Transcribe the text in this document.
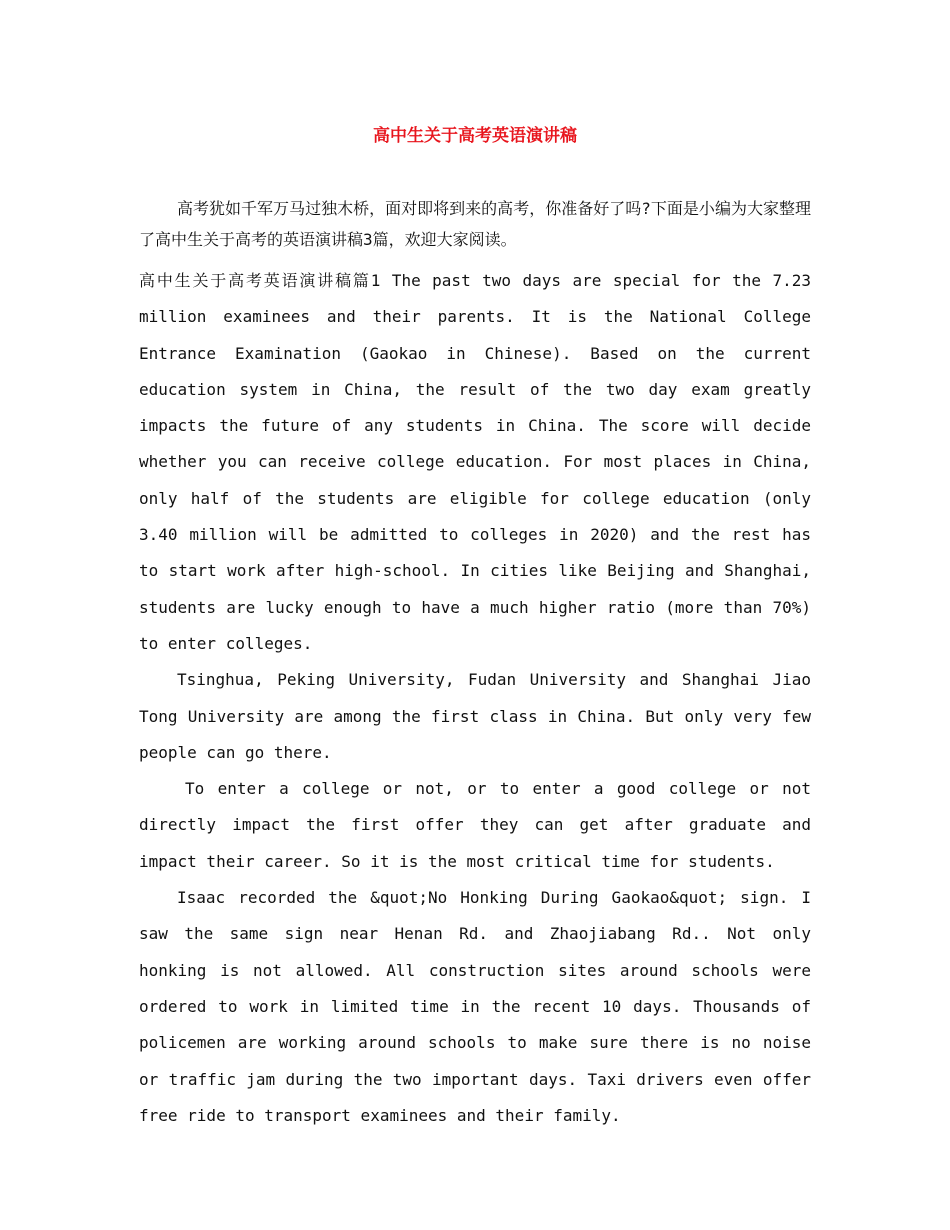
高中生关于高考英语演讲稿

高考犹如千军万马过独木桥，面对即将到来的高考，你准备好了吗?下面是小编为大家整理了高中生关于高考的英语演讲稿3篇，欢迎大家阅读。

高中生关于高考英语演讲稿篇1 The past two days are special for the 7.23 million examinees and their parents. It is the National College Entrance Examination (Gaokao in Chinese). Based on the current education system in China, the result of the two day exam greatly impacts the future of any students in China. The score will decide whether you can receive college education. For most places in China, only half of the students are eligible for college education (only 3.40 million will be admitted to colleges in 2020) and the rest has to start work after high-school. In cities like Beijing and Shanghai, students are lucky enough to have a much higher ratio (more than 70%) to enter colleges.

Tsinghua, Peking University, Fudan University and Shanghai Jiao Tong University are among the first class in China. But only very few people can go there.

To enter a college or not, or to enter a good college or not directly impact the first offer they can get after graduate and impact their career. So it is the most critical time for students.

Isaac recorded the &quot;No Honking During Gaokao&quot; sign. I saw the same sign near Henan Rd. and Zhaojiabang Rd.. Not only honking is not allowed. All construction sites around schools were ordered to work in limited time in the recent 10 days. Thousands of policemen are working around schools to make sure there is no noise or traffic jam during the two important days. Taxi drivers even offer free ride to transport examinees and their family.
